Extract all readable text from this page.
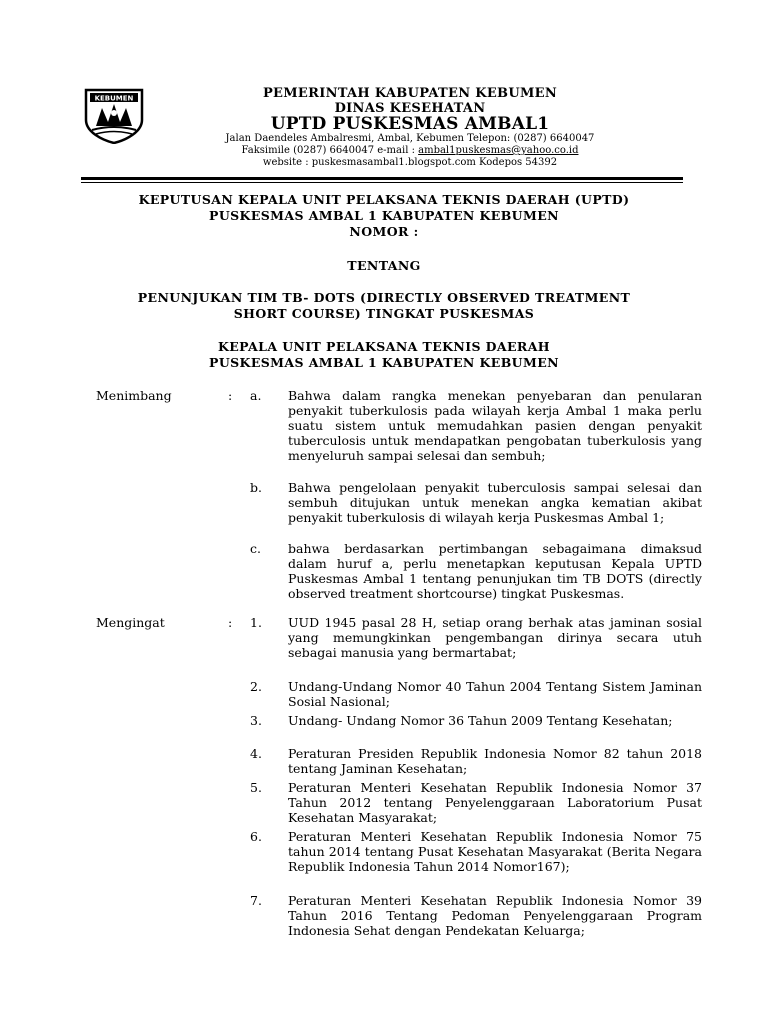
KEBUMEN	PEMERINTAH KABUPATEN KEBUMEN
DINAS KESEHATAN
UPTD PUSKESMAS AMBAL1
Jalan Daendeles Ambalresmi, Ambal, Kebumen Telepon: (0287) 6640047
Faksimile (0287) 6640047 e-mail : ambal1puskesmas@yahoo.co.id
website : puskesmasambal1.blogspot.com Kodepos 54392
KEPUTUSAN KEPALA UNIT PELAKSANA TEKNIS DAERAH (UPTD)
PUSKESMAS AMBAL 1 KABUPATEN KEBUMEN
NOMOR :
TENTANG
PENUNJUKAN TIM TB- DOTS (DIRECTLY OBSERVED TREATMENT
SHORT COURSE) TINGKAT PUSKESMAS
KEPALA UNIT PELAKSANA TEKNIS DAERAH
PUSKESMAS AMBAL 1 KABUPATEN KEBUMEN
Menimbang	: a. Bahwa dalam rangka menekan penyebaran dan penularan penyakit tuberkulosis pada wilayah kerja Ambal 1 maka perlu suatu sistem untuk memudahkan pasien dengan penyakit tuberculosis untuk mendapatkan pengobatan tuberkulosis yang menyeluruh sampai selesai dan sembuh;
b. Bahwa pengelolaan penyakit tuberculosis sampai selesai dan sembuh ditujukan untuk menekan angka kematian akibat penyakit tuberkulosis di wilayah kerja Puskesmas Ambal 1;
c. bahwa berdasarkan pertimbangan sebagaimana dimaksud dalam huruf a, perlu menetapkan keputusan Kepala UPTD Puskesmas Ambal 1 tentang penunjukan tim TB DOTS (directly observed treatment shortcourse) tingkat Puskesmas.
Mengingat	: 1. UUD 1945 pasal 28 H, setiap orang berhak atas jaminan sosial yang memungkinkan pengembangan dirinya secara utuh sebagai manusia yang bermartabat;
2. Undang-Undang Nomor 40 Tahun 2004 Tentang Sistem Jaminan Sosial Nasional;
3. Undang- Undang Nomor 36 Tahun 2009 Tentang Kesehatan;
4. Peraturan Presiden Republik Indonesia Nomor 82 tahun 2018 tentang Jaminan Kesehatan;
5. Peraturan Menteri Kesehatan Republik Indonesia Nomor 37 Tahun 2012 tentang Penyelenggaraan Laboratorium Pusat Kesehatan Masyarakat;
6. Peraturan Menteri Kesehatan Republik Indonesia Nomor 75 tahun 2014 tentang Pusat Kesehatan Masyarakat (Berita Negara Republik Indonesia Tahun 2014 Nomor167);
7. Peraturan Menteri Kesehatan Republik Indonesia Nomor 39 Tahun 2016 Tentang Pedoman Penyelenggaraan Program Indonesia Sehat dengan Pendekatan Keluarga;
